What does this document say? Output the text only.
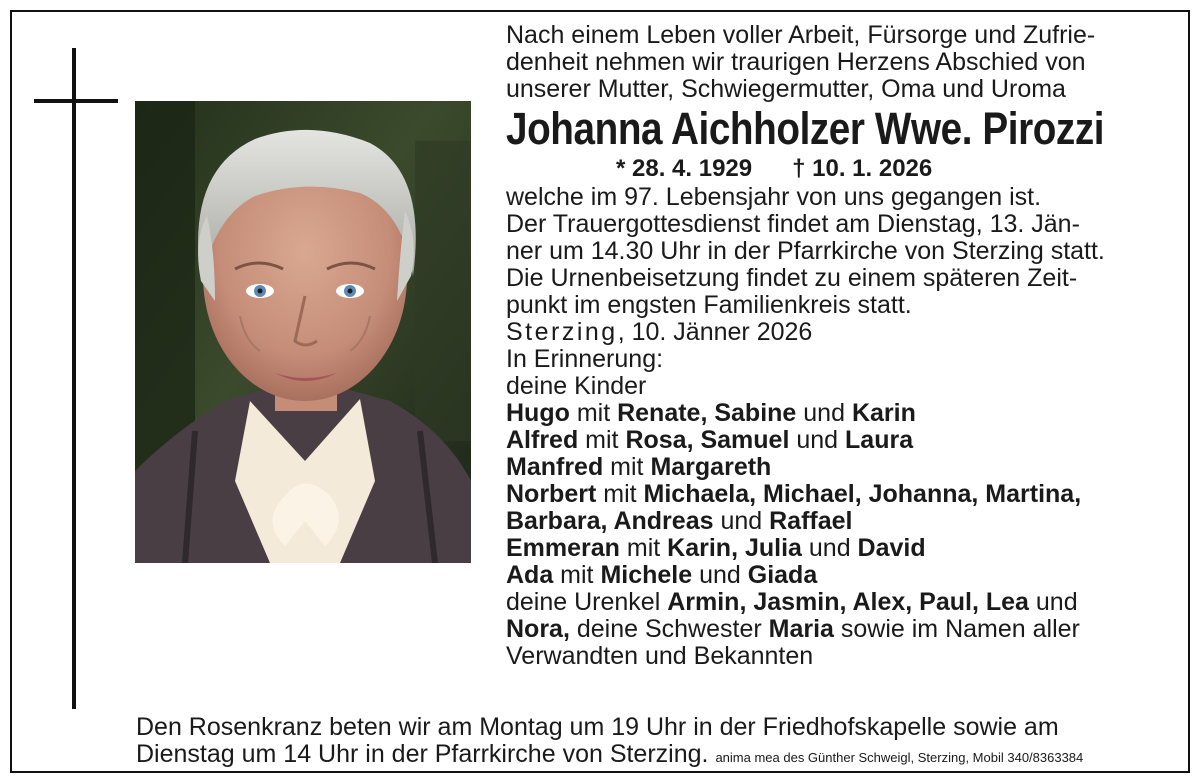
Nach einem Leben voller Arbeit, Fürsorge und Zufrie-
denheit nehmen wir traurigen Herzens Abschied von
unserer Mutter, Schwiegermutter, Oma und Uroma
Johanna Aichholzer Wwe. Pirozzi
* 28. 4. 1929 † 10. 1. 2026
welche im 97. Lebensjahr von uns gegangen ist.
Der Trauergottesdienst findet am Dienstag, 13. Jän-
ner um 14.30 Uhr in der Pfarrkirche von Sterzing statt.
Die Urnenbeisetzung findet zu einem späteren Zeit-
punkt im engsten Familienkreis statt.
Sterzing, 10. Jänner 2026
In Erinnerung:
deine Kinder
Hugo mit Renate, Sabine und Karin
Alfred mit Rosa, Samuel und Laura
Manfred mit Margareth
Norbert mit Michaela, Michael, Johanna, Martina,
Barbara, Andreas und Raffael
Emmeran mit Karin, Julia und David
Ada mit Michele und Giada
deine Urenkel Armin, Jasmin, Alex, Paul, Lea und
Nora, deine Schwester Maria sowie im Namen aller
Verwandten und Bekannten
Den Rosenkranz beten wir am Montag um 19 Uhr in der Friedhofskapelle sowie am
Dienstag um 14 Uhr in der Pfarrkirche von Sterzing. anima mea des Günther Schweigl, Sterzing, Mobil 340/8363384
